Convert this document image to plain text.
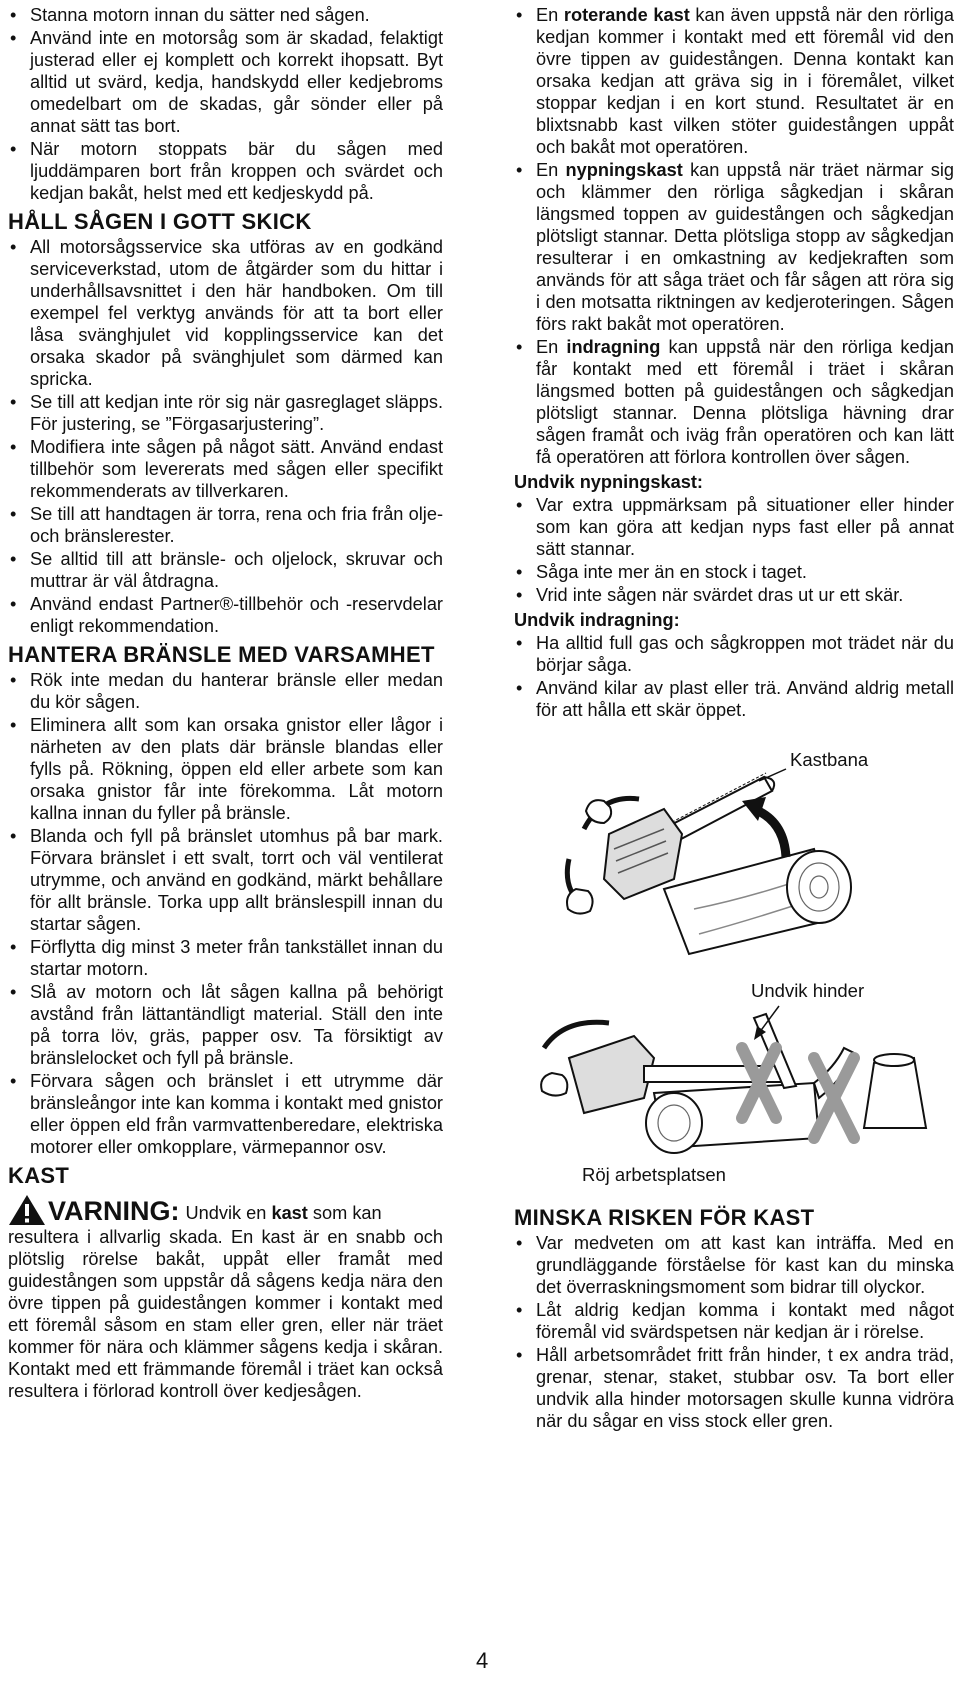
• Stanna motorn innan du sätter ned sågen.
• Använd inte en motorsåg som är skadad, felaktigt justerad eller ej komplett och korrekt ihopsatt. Byt alltid ut svärd, kedja, handskydd eller kedjebroms omedelbart om de skadas, går sönder eller på annat sätt tas bort.
• När motorn stoppats bär du sågen med ljuddämparen bort från kroppen och svärdet och kedjan bakåt, helst med ett kedjeskydd på.
HÅLL SÅGEN I GOTT SKICK
• All motorsågsservice ska utföras av en godkänd serviceverkstad, utom de åtgärder som du hittar i underhållsavsnittet i den här handboken. Om till exempel fel verktyg används för att ta bort eller låsa svänghjulet vid kopplingsservice kan det orsaka skador på svänghjulet som därmed kan spricka.
• Se till att kedjan inte rör sig när gasreglaget släpps. För justering, se ”Förgasarjustering”.
• Modifiera inte sågen på något sätt. Använd endast tillbehör som levererats med sågen eller specifikt rekommenderats av tillverkaren.
• Se till att handtagen är torra, rena och fria från olje- och bränslerester.
• Se alltid till att bränsle- och oljelock, skruvar och muttrar är väl åtdragna.
• Använd endast Partner®-tillbehör och -reservdelar enligt rekommendation.
HANTERA BRÄNSLE MED VARSAMHET
• Rök inte medan du hanterar bränsle eller medan du kör sågen.
• Eliminera allt som kan orsaka gnistor eller lågor i närheten av den plats där bränsle blandas eller fylls på. Rökning, öppen eld eller arbete som kan orsaka gnistor får inte förekomma. Låt motorn kallna innan du fyller på bränsle.
• Blanda och fyll på bränslet utomhus på bar mark. Förvara bränslet i ett svalt, torrt och väl ventilerat utrymme, och använd en godkänd, märkt behållare för allt bränsle. Torka upp allt bränslespill innan du startar sågen.
• Förflytta dig minst 3 meter från tankstället innan du startar motorn.
• Slå av motorn och låt sågen kallna på behörigt avstånd från lättantändligt material. Ställ den inte på torra löv, gräs, papper osv. Ta försiktigt av bränslelocket och fyll på bränsle.
• Förvara sågen och bränslet i ett utrymme där bränsleångor inte kan komma i kontakt med gnistor eller öppen eld från varmvattenberedare, elektriska motorer eller omkopplare, värmepannor osv.
KAST
VARNING: Undvik en kast som kan

resultera i allvarlig skada. En kast är en snabb och plötslig rörelse bakåt, uppåt eller framåt med guidestången som uppstår då sågens kedja nära den övre tippen på guidestången kommer i kontakt med ett föremål såsom en stam eller gren, eller när träet kommer för nära och klämmer sågens kedja i skåran. Kontakt med ett främmande föremål i träet kan också resultera i förlorad kontroll över kedjesågen.

• En roterande kast kan även uppstå när den rörliga kedjan kommer i kontakt med ett föremål vid den övre tippen av guidestången. Denna kontakt kan orsaka kedjan att gräva sig in i föremålet, vilket stoppar kedjan i en kort stund. Resultatet är en blixtsnabb kast vilken stöter guidestången uppåt och bakåt mot operatören.
• En nypningskast kan uppstå när träet närmar sig och klämmer den rörliga sågkedjan i skåran längsmed toppen av guidestången och sågkedjan plötsligt stannar. Detta plötsliga stopp av sågkedjan resulterar i en omkastning av kedjekraften som används för att såga träet och får sågen att röra sig i den motsatta riktningen av kedjeroteringen. Sågen förs rakt bakåt mot operatören.
• En indragning kan uppstå när den rörliga kedjan får kontakt med ett föremål i träet i skåran längsmed botten på guidestången och sågkedjan plötsligt stannar. Denna plötsliga hävning drar sågen framåt och iväg från operatören och kan lätt få operatören att förlora kontrollen över sågen.
Undvik nypningskast:
• Var extra uppmärksam på situationer eller hinder som kan göra att kedjan nyps fast eller på annat sätt stannar.
• Såga inte mer än en stock i taget.
• Vrid inte sågen när svärdet dras ut ur ett skär.
Undvik indragning:
• Ha alltid full gas och sågkroppen mot trädet när du börjar såga.
• Använd kilar av plast eller trä. Använd aldrig metall för att hålla ett skär öppet.
Kastbana
Undvik hinder
Röj arbetsplatsen
MINSKA RISKEN FÖR KAST
• Var medveten om att kast kan inträffa. Med en grundläggande förståelse för kast kan du minska det överraskningsmoment som bidrar till olyckor.
• Låt aldrig kedjan komma i kontakt med något föremål vid svärdspetsen när kedjan är i rörelse.
• Håll arbetsområdet fritt från hinder, t ex andra träd, grenar, stenar, staket, stubbar osv. Ta bort eller undvik alla hinder motorsagen skulle kunna vidröra när du sågar en viss stock eller gren.
4
